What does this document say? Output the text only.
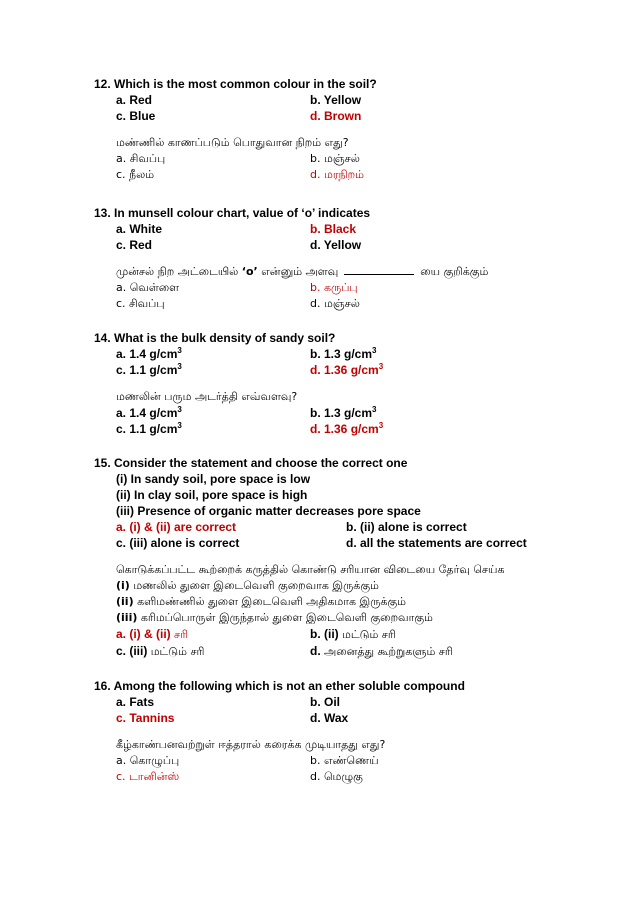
12. Which is the most common colour in the soil?
a. Red	b. Yellow
c. Blue	d. Brown
மண்ணில் காணப்படும் பொதுவான நிறம் எது?
a. சிவப்பு	b. மஞ்சல்
c. நீலம்	d. மரநிறம்
13. In munsell colour chart, value of ‘o’ indicates
a. White	b. Black
c. Red	d. Yellow
முன்சல் நிற அட்டையில் ‘o’ என்னும் அளவு	யை குறிக்கும்
a. வெள்ளை	b. கருப்பு
c. சிவப்பு	d. மஞ்சல்
14. What is the bulk density of sandy soil?
a. 1.4 $g/cm^3$	b. 1.3 $g/cm^3$
c. 1.1 $g/cm^3$	d. 1.36 $g/cm^3$
மணலின் பரும அடர்த்தி எவ்வளவு?
a. 1.4 $g/cm^3$	b. 1.3 $g/cm^3$
c. 1.1 $g/cm^3$	d. 1.36 $g/cm^3$
15. Consider the statement and choose the correct one
(i) In sandy soil, pore space is low
(ii) In clay soil, pore space is high
(iii) Presence of organic matter decreases pore space
a. (i) & (ii) are correct	b. (ii) alone is correct
c. (iii) alone is correct	d. all the statements are correct
கொடுக்கப்பட்ட கூற்றைக் கருத்தில் கொண்டு சரியான விடையை தேர்வு செய்க
(i) மணலில் துளை இடைவெளி குறைவாக இருக்கும்
(ii) களிமண்ணில் துளை இடைவெளி அதிகமாக இருக்கும்
(iii) கரிமப்பொருள் இருந்தால் துளை இடைவெளி குறைவாகும்
a. (i) & (ii) சரி	b. (ii) மட்டும் சரி
c. (iii) மட்டும் சரி	d. அனைத்து கூற்றுகளும் சரி
16. Among the following which is not an ether soluble compound
a. Fats	b. Oil
c. Tannins	d. Wax
கீழ்காண்பனவற்றுள் ஈத்தரால் கரைக்க முடியாதது எது?
a. கொழுப்பு	b. எண்ணெய்
c. டானின்ஸ்	d. மெழுகு
